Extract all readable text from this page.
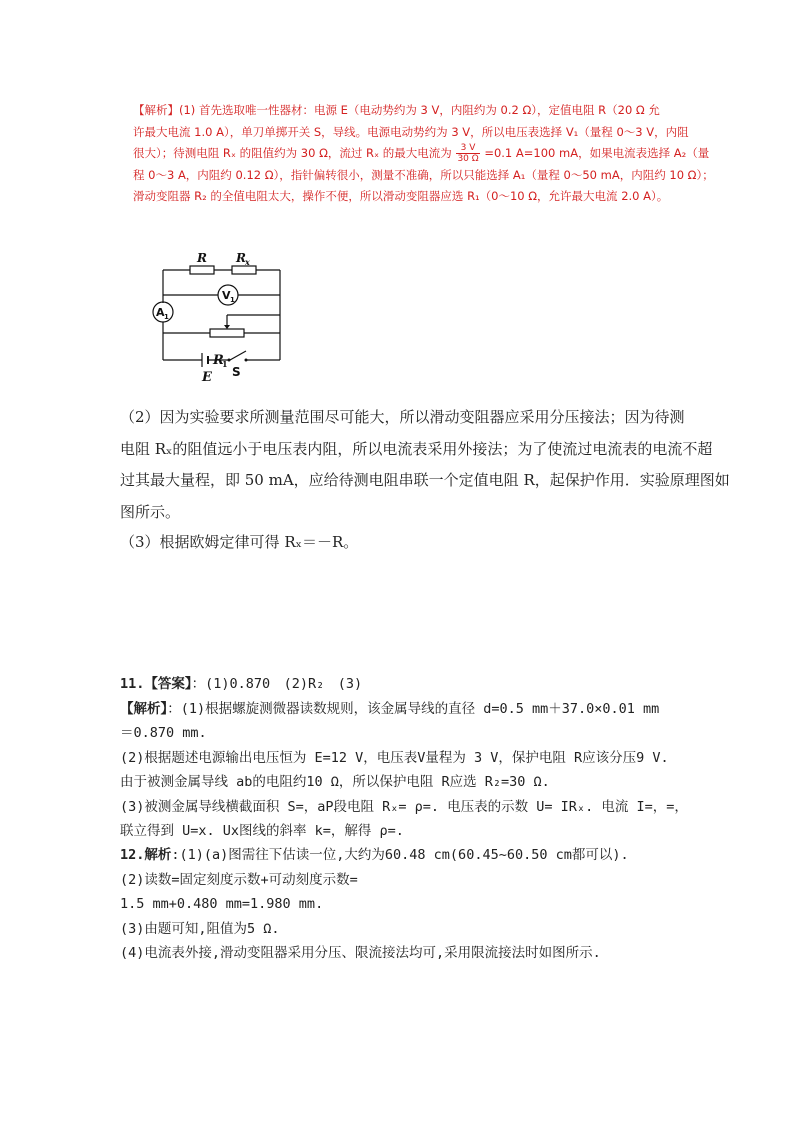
【解析】(1) 首先选取唯一性器材：电源 E（电动势约为 3 V，内阻约为 0.2 Ω），定值电阻 R（20 Ω 允
许最大电流 1.0 A），单刀单掷开关 S，导线。电源电动势约为 3 V，所以电压表选择 V₁（量程 0～3 V，内阻
很大）；待测电阻 Rₓ 的阻值约为 30 Ω，流过 Rₓ 的最大电流为 $\frac{3 V}{30 \Omega} =0.1$ A=100 mA，如果电流表选择 A₂（量
程 0～3 A，内阻约 0.12 Ω），指针偏转很小，测量不准确，所以只能选择 A₁（量程 0～50 mA，内阻约 10 Ω）；
滑动变阻器 R₂ 的全值电阻太大，操作不便，所以滑动变阻器应选 R₁（0～10 Ω，允许最大电流 2.0 A）。
R R x
R
1
E
V 1
A 1
S
（2）因为实验要求所测量范围尽可能大，所以滑动变阻器应采用分压接法；因为待测
电阻 Rₓ的阻值远小于电压表内阻，所以电流表采用外接法；为了使流过电流表的电流不超
过其最大量程，即 50 mA，应给待测电阻串联一个定值电阻 R，起保护作用．实验原理图如
图所示。
（3）根据欧姆定律可得 Rₓ＝－R。
11.【答案】：(1)0.870　(2)R₂　(3)
【解析】：(1)根据螺旋测微器读数规则，该金属导线的直径 d=0.5 mm＋37.0×0.01 mm
＝0.870 mm.
(2)根据题述电源输出电压恒为 E=12 V，电压表V量程为 3 V，保护电阻 R应该分压9 V.
由于被测金属导线 ab的电阻约10 Ω，所以保护电阻 R应选 R₂=30 Ω.
(3)被测金属导线横截面积 S=，aP段电阻 Rₓ= ρ=. 电压表的示数 U= IRₓ. 电流 I=，=，
联立得到 U=x. Ux图线的斜率 k=，解得 ρ=.
12.解析:(1)(a)图需往下估读一位,大约为60.48 cm(60.45~60.50 cm都可以).
(2)读数=固定刻度示数+可动刻度示数=
1.5 mm+0.480 mm=1.980 mm.
(3)由题可知,阻值为5 Ω.
(4)电流表外接,滑动变阻器采用分压、限流接法均可,采用限流接法时如图所示.
